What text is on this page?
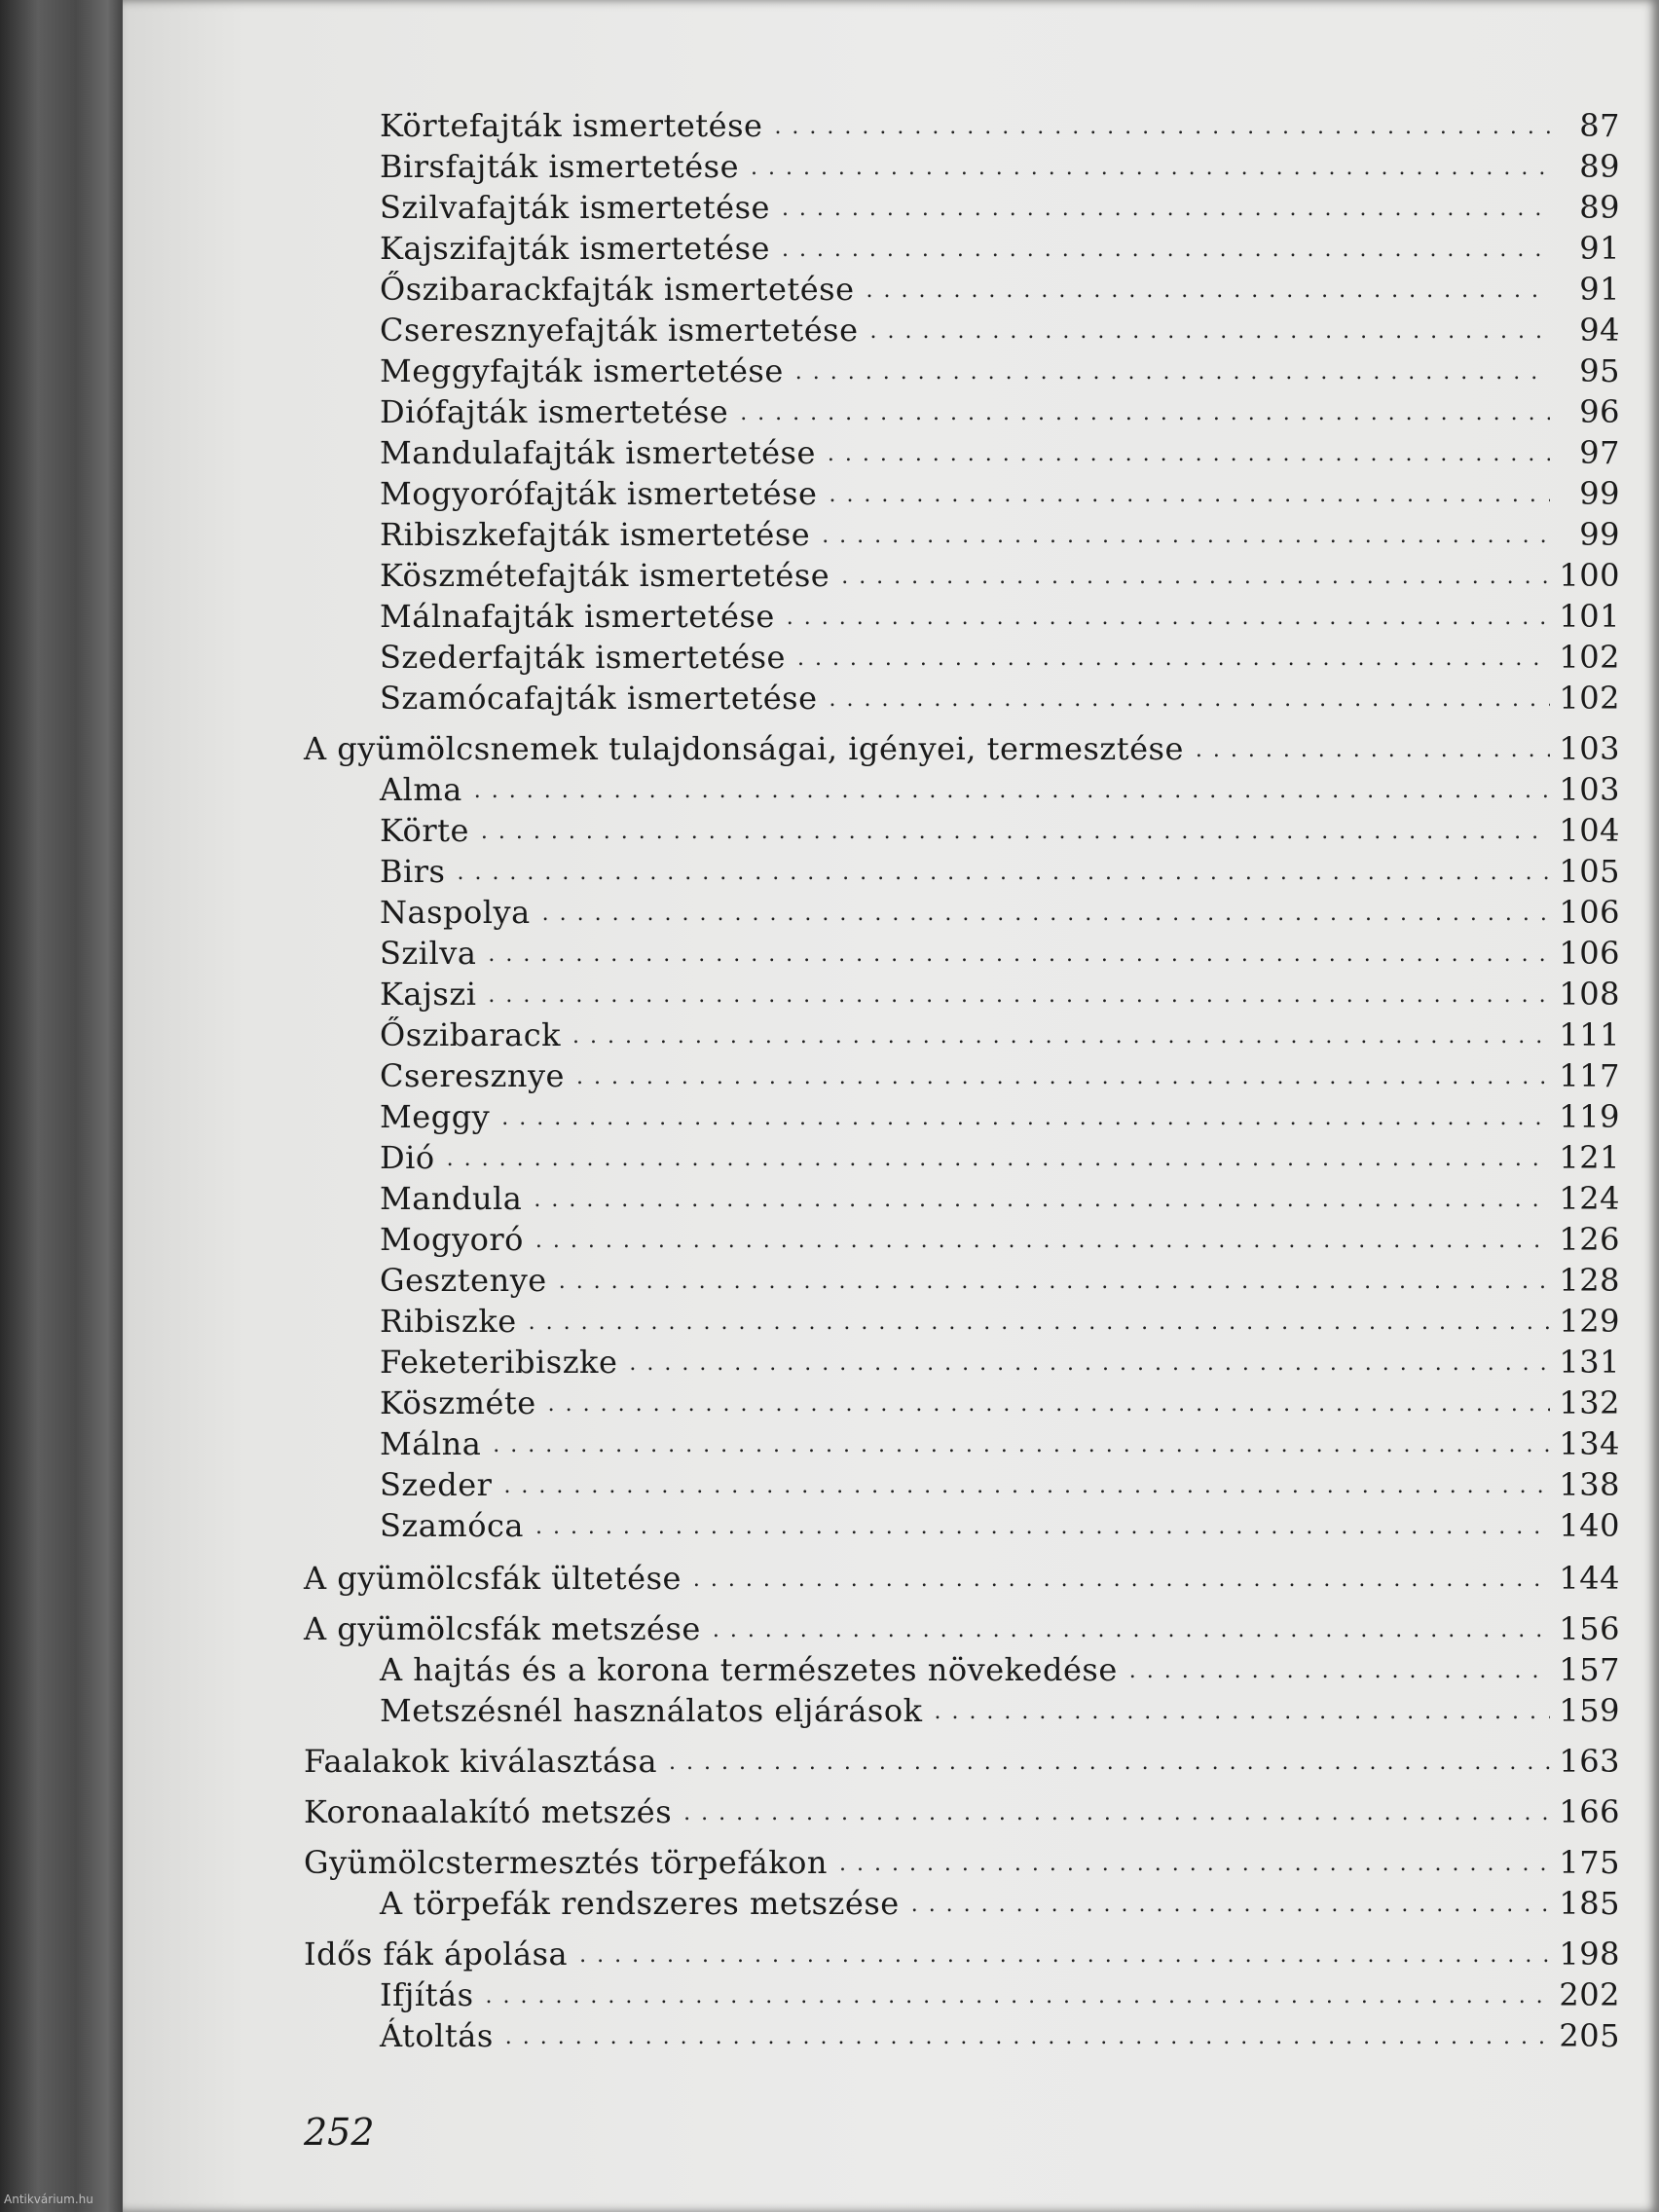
Körtefajták ismertetése . . .	87
Birsfajták ismertetése . . .	89
Szilvafajták ismertetése . . .	89
Kajszifajták ismertetése . . .	91
Őszibarackfajták ismertetése . . .	91
Cseresznyefajták ismertetése . . .	94
Meggyfajták ismertetése . . .	95
Diófajták ismertetése . . .	96
Mandulafajták ismertetése . . .	97
Mogyorófajták ismertetése . . .	99
Ribiszkefajták ismertetése . . .	99
Köszmétefajták ismertetése . . .	100
Málnafajták ismertetése . . .	101
Szederfajták ismertetése . . .	102
Szamócafajták ismertetése . . .	102
A gyümölcsnemek tulajdonságai, igényei, termesztése . . .	103
Alma . . .	103
Körte . . .	104
Birs . . .	105
Naspolya . . .	106
Szilva . . .	106
Kajszi . . .	108
Őszibarack . . .	111
Cseresznye . . .	117
Meggy . . .	119
Dió . . .	121
Mandula . . .	124
Mogyoró . . .	126
Gesztenye . . .	128
Ribiszke . . .	129
Feketeribiszke . . .	131
Köszméte . . .	132
Málna . . .	134
Szeder . . .	138
Szamóca . . .	140
A gyümölcsfák ültetése . . .	144
A gyümölcsfák metszése . . .	156
A hajtás és a korona természetes növekedése . . .	157
Metszésnél használatos eljárások . . .	159
Faalakok kiválasztása . . .	163
Koronaalakító metszés . . .	166
Gyümölcstermesztés törpefákon . . .	175
A törpefák rendszeres metszése . . .	185
Idős fák ápolása . . .	198
Ifjítás . . .	202
Átoltás . . .	205
252
Antikvárium.hu
